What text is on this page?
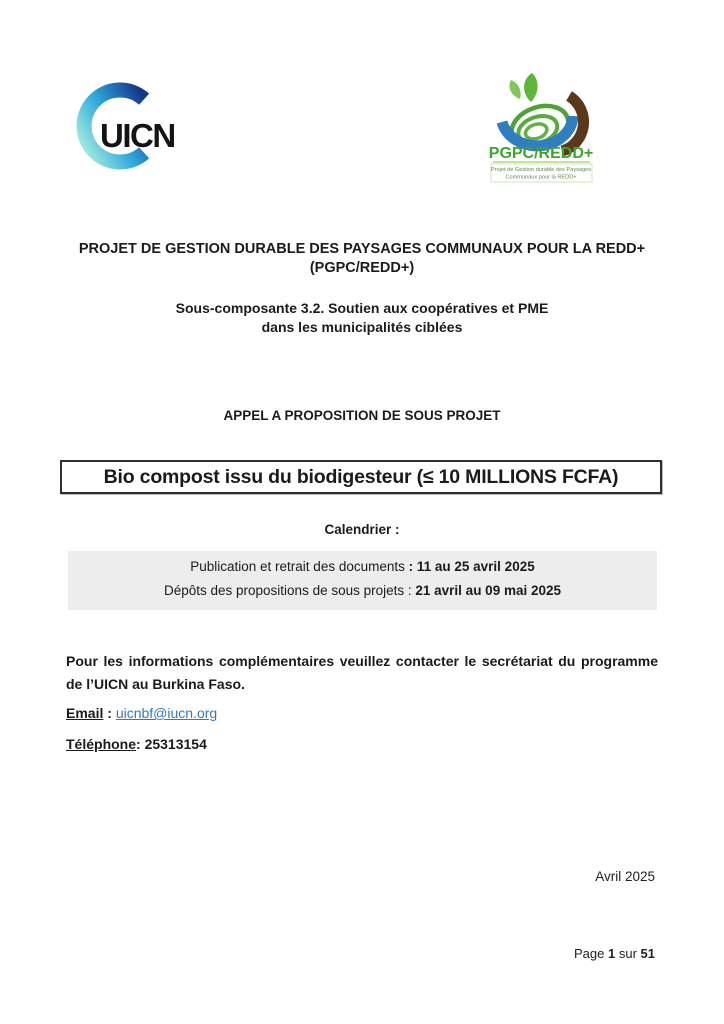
UICN	PGPC/REDD+
Projet de Gestion durable des Paysages
Communaux pour la REDD+
PROJET DE GESTION DURABLE DES PAYSAGES COMMUNAUX POUR LA REDD+
(PGPC/REDD+)
Sous-composante 3.2. Soutien aux coopératives et PME
dans les municipalités ciblées
APPEL A PROPOSITION DE SOUS PROJET
Bio compost issu du biodigesteur (≤ 10 MILLIONS FCFA)
Calendrier :
Publication et retrait des documents : 11 au 25 avril 2025
Dépôts des propositions de sous projets : 21 avril au 09 mai 2025
Pour les informations complémentaires veuillez contacter le secrétariat du programme de l’UICN au Burkina Faso.
Email : uicnbf@iucn.org
Téléphone: 25313154
Avril 2025
Page 1 sur 51
